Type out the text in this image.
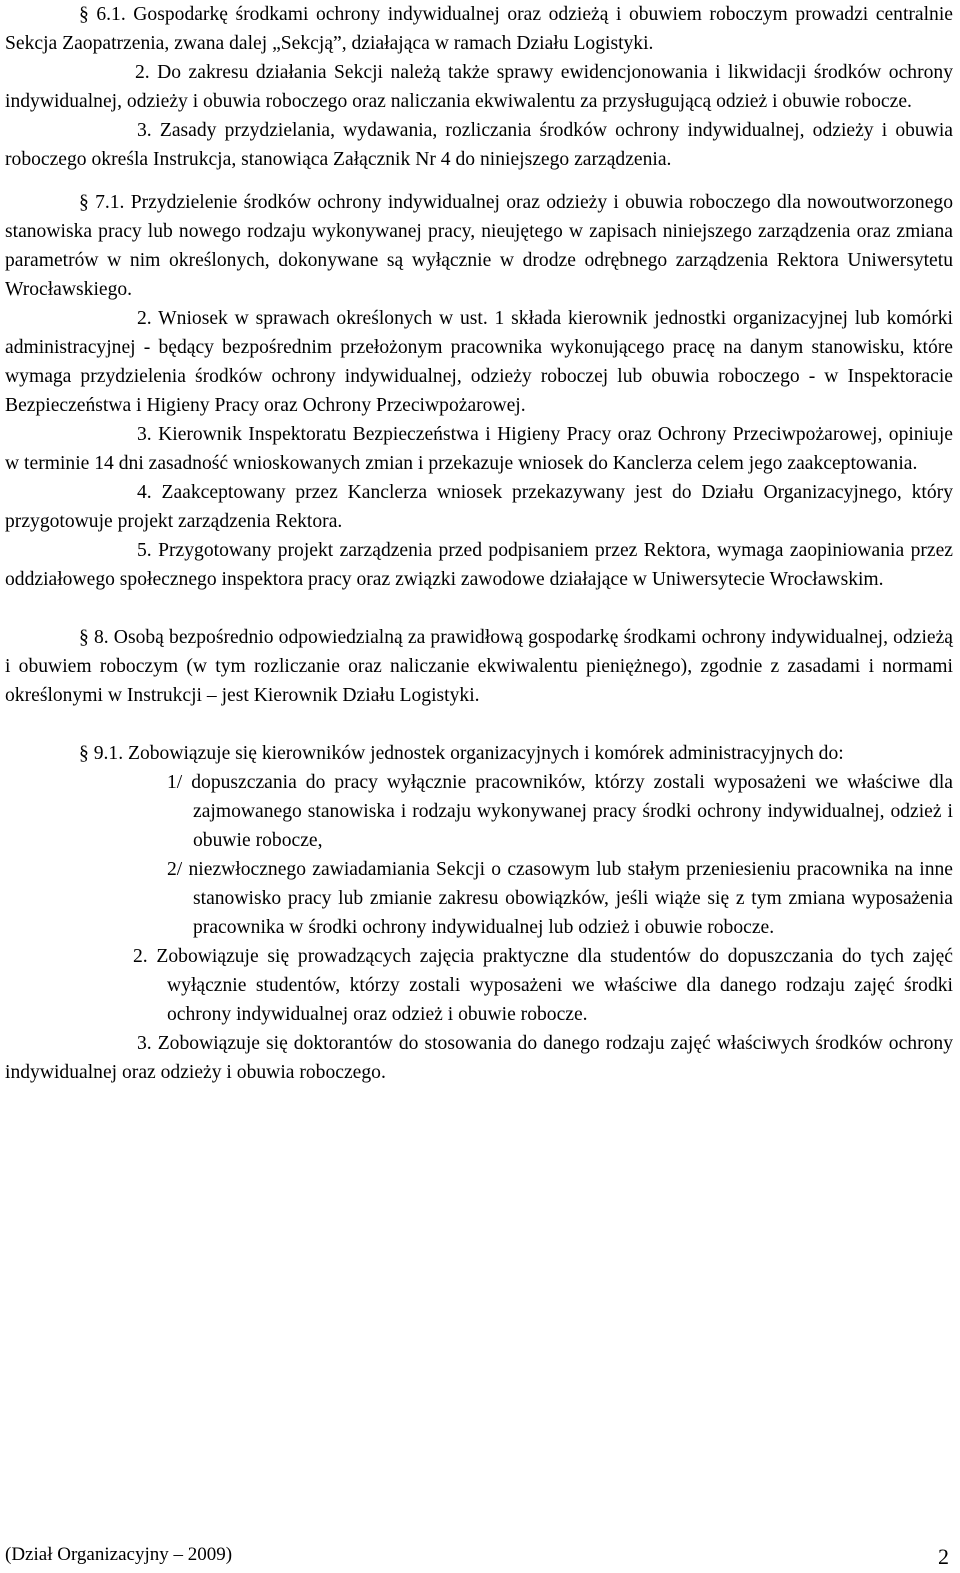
§ 6.1. Gospodarkę środkami ochrony indywidualnej oraz odzieżą i obuwiem roboczym prowadzi centralnie Sekcja Zaopatrzenia, zwana dalej „Sekcją”, działająca w ramach Działu Logistyki.

2. Do zakresu działania Sekcji należą także sprawy ewidencjonowania i likwidacji środków ochrony indywidualnej, odzieży i obuwia roboczego oraz naliczania ekwiwalentu za przysługującą odzież i obuwie robocze.

3. Zasady przydzielania, wydawania, rozliczania środków ochrony indywidualnej, odzieży i obuwia roboczego określa Instrukcja, stanowiąca Załącznik Nr 4 do niniejszego zarządzenia.

§ 7.1. Przydzielenie środków ochrony indywidualnej oraz odzieży i obuwia roboczego dla nowoutworzonego stanowiska pracy lub nowego rodzaju wykonywanej pracy, nieujętego w zapisach niniejszego zarządzenia oraz zmiana parametrów w nim określonych, dokonywane są wyłącznie w drodze odrębnego zarządzenia Rektora Uniwersytetu Wrocławskiego.

2. Wniosek w sprawach określonych w ust. 1 składa kierownik jednostki organizacyjnej lub komórki administracyjnej - będący bezpośrednim przełożonym pracownika wykonującego pracę na danym stanowisku, które wymaga przydzielenia środków ochrony indywidualnej, odzieży roboczej lub obuwia roboczego - w Inspektoracie Bezpieczeństwa i Higieny Pracy oraz Ochrony Przeciwpożarowej.

3. Kierownik Inspektoratu Bezpieczeństwa i Higieny Pracy oraz Ochrony Przeciwpożarowej, opiniuje w terminie 14 dni zasadność wnioskowanych zmian i przekazuje wniosek do Kanclerza celem jego zaakceptowania.

4. Zaakceptowany przez Kanclerza wniosek przekazywany jest do Działu Organizacyjnego, który przygotowuje projekt zarządzenia Rektora.

5. Przygotowany projekt zarządzenia przed podpisaniem przez Rektora, wymaga zaopiniowania przez oddziałowego społecznego inspektora pracy oraz związki zawodowe działające w Uniwersytecie Wrocławskim.

§ 8. Osobą bezpośrednio odpowiedzialną za prawidłową gospodarkę środkami ochrony indywidualnej, odzieżą i obuwiem roboczym (w tym rozliczanie oraz naliczanie ekwiwalentu pieniężnego), zgodnie z zasadami i normami określonymi w Instrukcji – jest Kierownik Działu Logistyki.

§ 9.1. Zobowiązuje się kierowników jednostek organizacyjnych i komórek administracyjnych do:

1/ dopuszczania do pracy wyłącznie pracowników, którzy zostali wyposażeni we właściwe dla zajmowanego stanowiska i rodzaju wykonywanej pracy środki ochrony indywidualnej, odzież i obuwie robocze,

2/ niezwłocznego zawiadamiania Sekcji o czasowym lub stałym przeniesieniu pracownika na inne stanowisko pracy lub zmianie zakresu obowiązków, jeśli wiąże się z tym zmiana wyposażenia pracownika w środki ochrony indywidualnej lub odzież i obuwie robocze.

2. Zobowiązuje się prowadzących zajęcia praktyczne dla studentów do dopuszczania do tych zajęć wyłącznie studentów, którzy zostali wyposażeni we właściwe dla danego rodzaju zajęć środki ochrony indywidualnej oraz odzież i obuwie robocze.

3. Zobowiązuje się doktorantów do stosowania do danego rodzaju zajęć właściwych środków ochrony indywidualnej oraz odzieży i obuwia roboczego.

(Dział Organizacyjny – 2009)	2
